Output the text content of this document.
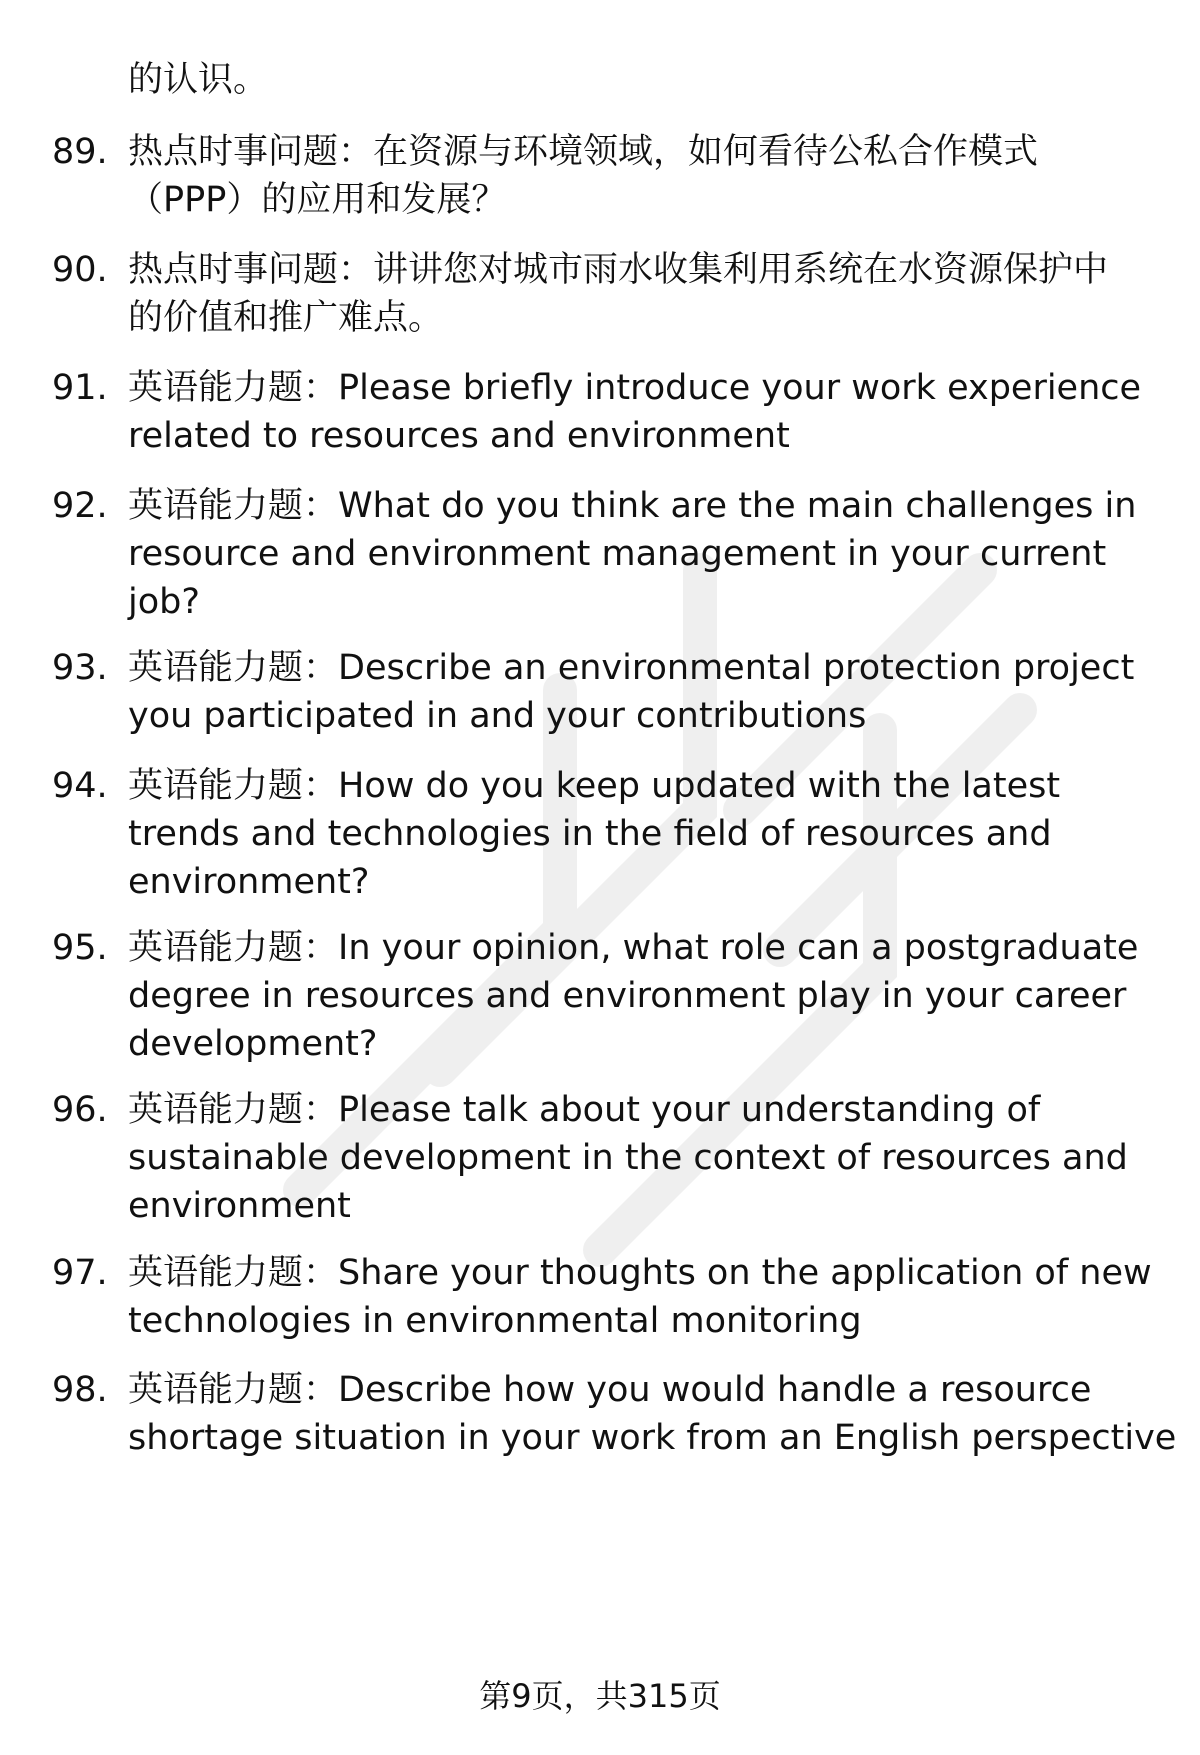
的认识。
89. 热点时事问题：在资源与环境领域，如何看待公私合作模式
（PPP）的应用和发展？
90. 热点时事问题：讲讲您对城市雨水收集利用系统在水资源保护中
的价值和推广难点。
91. 英语能力题：Please briefly introduce your work experience
related to resources and environment
92. 英语能力题：What do you think are the main challenges in
resource and environment management in your current
job?
93. 英语能力题：Describe an environmental protection project
you participated in and your contributions
94. 英语能力题：How do you keep updated with the latest
trends and technologies in the field of resources and
environment?
95. 英语能力题：In your opinion, what role can a postgraduate
degree in resources and environment play in your career
development?
96. 英语能力题：Please talk about your understanding of
sustainable development in the context of resources and
environment
97. 英语能力题：Share your thoughts on the application of new
technologies in environmental monitoring
98. 英语能力题：Describe how you would handle a resource
shortage situation in your work from an English perspective
第9页，共315页
